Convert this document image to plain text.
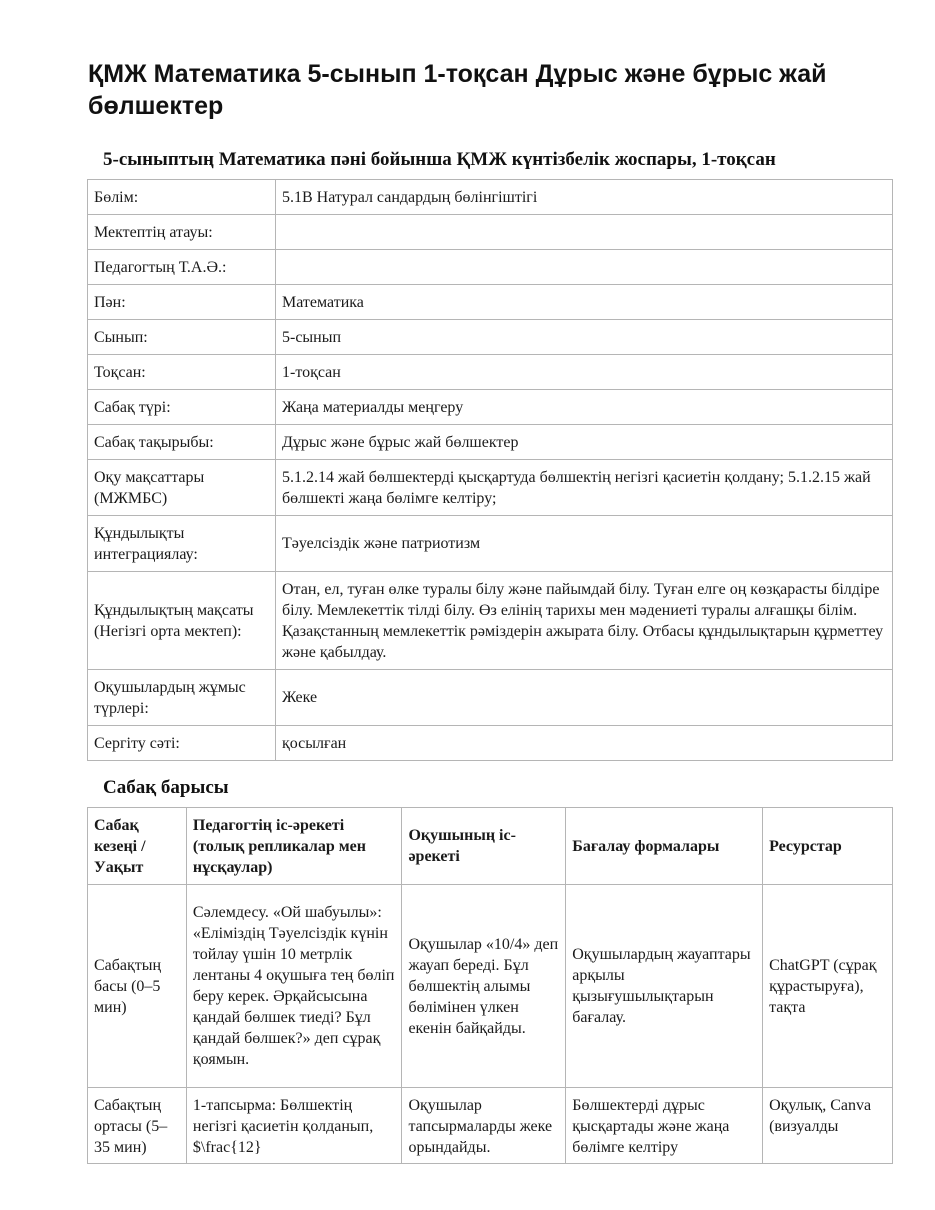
ҚМЖ Математика 5-сынып 1-тоқсан Дұрыс және бұрыс жай бөлшектер
5-сыныптың Математика пәні бойынша ҚМЖ күнтізбелік жоспары, 1-тоқсан
Бөлім:	5.1В Натурал сандардың бөлінгіштігі
Мектептің атауы:	
Педагогтың Т.А.Ә.:	
Пән:	Математика
Сынып:	5-сынып
Тоқсан:	1-тоқсан
Сабақ түрі:	Жаңа материалды меңгеру
Сабақ тақырыбы:	Дұрыс және бұрыс жай бөлшектер
Оқу мақсаттары (МЖМБС)	5.1.2.14 жай бөлшектерді қысқартуда бөлшектің негізгі қасиетін қолдану; 5.1.2.15 жай бөлшекті жаңа бөлімге келтіру;
Құндылықты интеграциялау:	Тәуелсіздік және патриотизм
Құндылықтың мақсаты (Негізгі орта мектеп):	Отан, ел, туған өлке туралы білу және пайымдай білу. Туған елге оң көзқарасты білдіре білу. Мемлекеттік тілді білу. Өз елінің тарихы мен мәдениеті туралы алғашқы білім. Қазақстанның мемлекеттік рәміздерін ажырата білу. Отбасы құндылықтарын құрметтеу және қабылдау.
Оқушылардың жұмыс түрлері:	Жеке
Сергіту сәті:	қосылған
Сабақ барысы
Сабақ кезеңі / Уақыт	Педагогтің іс-әрекеті (толық репликалар мен нұсқаулар)	Оқушының іс-әрекеті	Бағалау формалары	Ресурстар
Сабақтың басы (0–5 мин)	Сәлемдесу. «Ой шабуылы»: «Еліміздің Тәуелсіздік күнін тойлау үшін 10 метрлік лентаны 4 оқушыға тең бөліп беру керек. Әрқайсысына қандай бөлшек тиеді? Бұл қандай бөлшек?» деп сұрақ қоямын.	Оқушылар «10/4» деп жауап береді. Бұл бөлшектің алымы бөлімінен үлкен екенін байқайды.	Оқушылардың жауаптары арқылы қызығушылықтарын бағалау.	ChatGPT (сұрақ құрастыруға), тақта
Сабақтың ортасы (5–35 мин)	1-тапсырма: Бөлшектің негізгі қасиетін қолданып, $\frac{12}	Оқушылар тапсырмаларды жеке орындайды.	Бөлшектерді дұрыс қысқартады және жаңа бөлімге келтіру	Оқулық, Canva (визуалды
